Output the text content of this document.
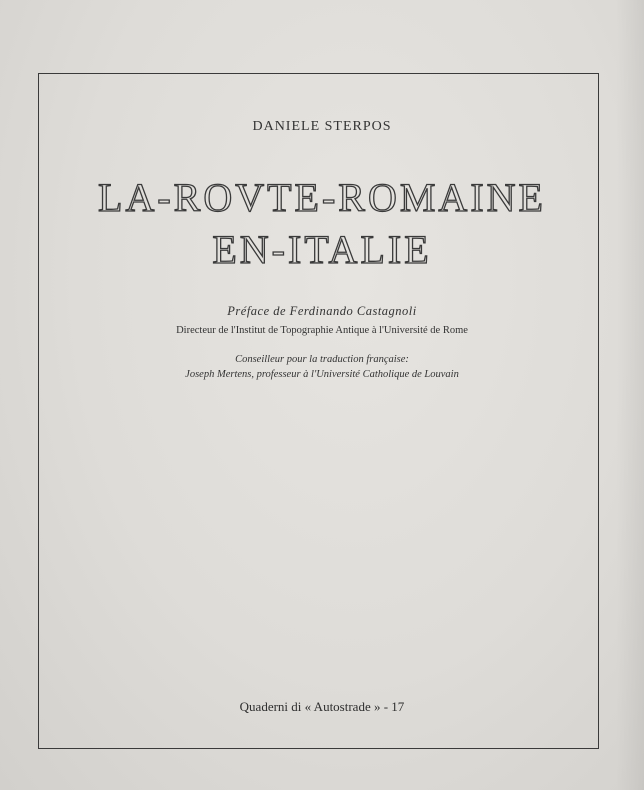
DANIELE STERPOS
LA-ROVTE-ROMAINE
EN-ITALIE
Préface de Ferdinando Castagnoli
Directeur de l'Institut de Topographie Antique à l'Université de Rome
Conseilleur pour la traduction française:
Joseph Mertens, professeur à l'Université Catholique de Louvain
Quaderni di « Autostrade » - 17
